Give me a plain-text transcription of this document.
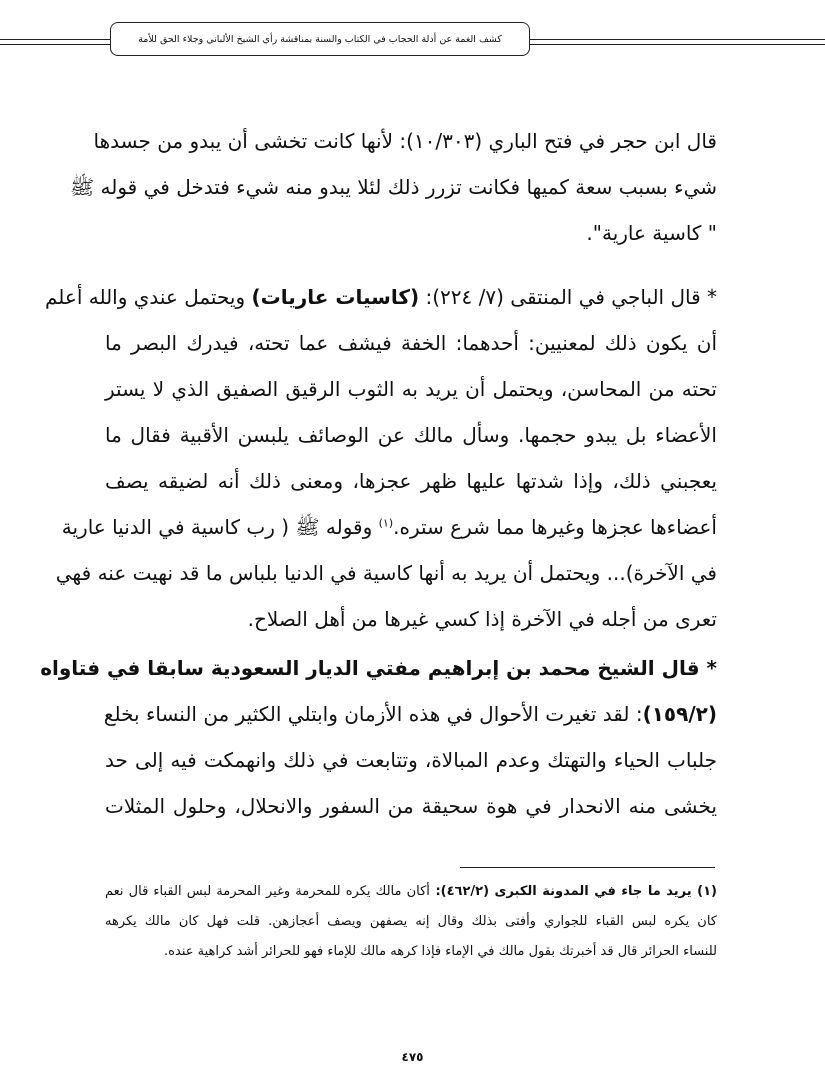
كشف الغمة عن أدلة الحجاب في الكتاب والسنة بمناقشة رأي الشيخ الألباني وجلاء الحق للأمة
قال ابن حجر في فتح الباري (١٠/٣٠٣): لأنها كانت تخشى أن يبدو من جسدها
شيء بسبب سعة كميها فكانت تزرر ذلك لئلا يبدو منه شيء فتدخل في قوله ﷺ
" كاسية عارية".
* قال الباجي في المنتقى (٧/ ٢٢٤): (كاسيات عاريات) ويحتمل عندي والله أعلم
أن يكون ذلك لمعنيين: أحدهما: الخفة فيشف عما تحته، فيدرك البصر ما
تحته من المحاسن، ويحتمل أن يريد به الثوب الرقيق الصفيق الذي لا يستر
الأعضاء بل يبدو حجمها. وسأل مالك عن الوصائف يلبسن الأقبية فقال ما
يعجبني ذلك، وإذا شدتها عليها ظهر عجزها، ومعنى ذلك أنه لضيقه يصف
أعضاءها عجزها وغيرها مما شرع ستره.$^{(١)}$ وقوله ﷺ ( رب كاسية في الدنيا عارية
في الآخرة)... ويحتمل أن يريد به أنها كاسية في الدنيا بلباس ما قد نهيت عنه فهي
تعرى من أجله في الآخرة إذا كسي غيرها من أهل الصلاح.
* قال الشيخ محمد بن إبراهيم مفتي الديار السعودية سابقا في فتاواه
(١٥٩/٢): لقد تغيرت الأحوال في هذه الأزمان وابتلي الكثير من النساء بخلع
جلباب الحياء والتهتك وعدم المبالاة، وتتابعت في ذلك وانهمكت فيه إلى حد
يخشى منه الانحدار في هوة سحيقة من السفور والانحلال، وحلول المثلات
(١) يريد ما جاء في المدونة الكبرى (٤٦٢/٢): أكان مالك يكره للمحرمة وغير المحرمة لبس القباء قال نعم
كان يكره لبس القباء للجواري وأفتى بذلك وقال إنه يصفهن ويصف أعجازهن. قلت فهل كان مالك يكرهه
للنساء الحرائر قال قد أخبرتك بقول مالك في الإماء فإذا كرهه مالك للإماء فهو للحرائر أشد كراهية عنده.
٤٧٥
